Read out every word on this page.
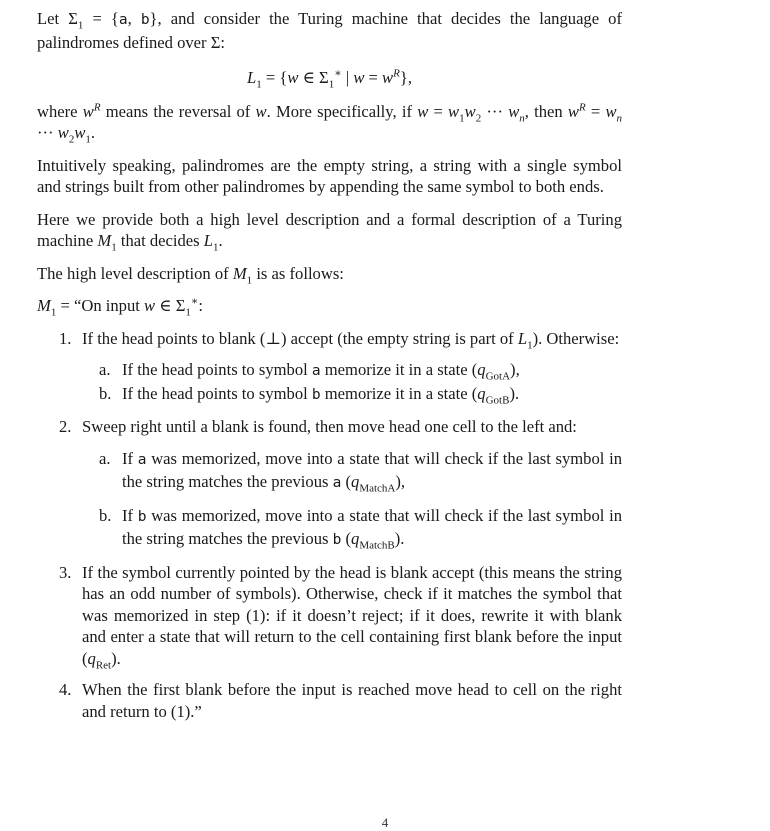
Let $\Sigma_1 = \{a$, b}, and consider the Turing machine that decides the language of palindromes defined over Σ:

$L_1 = \{w$ ∈ $\Sigma_1^∗$ | $w = w^R$},

where $w^R$ means the reversal of w. More specifically, if $w = w_1w_2$ ··· $w_n$, then $w^R = w_n$ ··· $w_2w_1$.

Intuitively speaking, palindromes are the empty string, a string with a single symbol and strings built from other palindromes by appending the same symbol to both ends.

Here we provide both a high level description and a formal description of a Turing machine $M_1$ that decides $L_1$.

The high level description of $M_1$ is as follows:

$M_1$ = “On input w ∈ $\Sigma_1^∗$:

1. If the head points to blank (⊥) accept (the empty string is part of $L_1$). Otherwise:
a. If the head points to symbol a memorize it in a state $(q_{GotA})$,
b. If the head points to symbol b memorize it in a state $(q_{GotB})$.
2. Sweep right until a blank is found, then move head one cell to the left and:
a. If a was memorized, move into a state that will check if the last symbol in the string matches the previous a $(q_{MatchA})$,
b. If b was memorized, move into a state that will check if the last symbol in the string matches the previous b $(q_{MatchB})$.
3. If the symbol currently pointed by the head is blank accept (this means the string has an odd number of symbols). Otherwise, check if it matches the symbol that was memorized in step (1): if it doesn’t reject; if it does, rewrite it with blank and enter a state that will return to the cell containing first blank before the input $(q_{Ret})$.
4. When the first blank before the input is reached move head to cell on the right and return to (1).”
4
